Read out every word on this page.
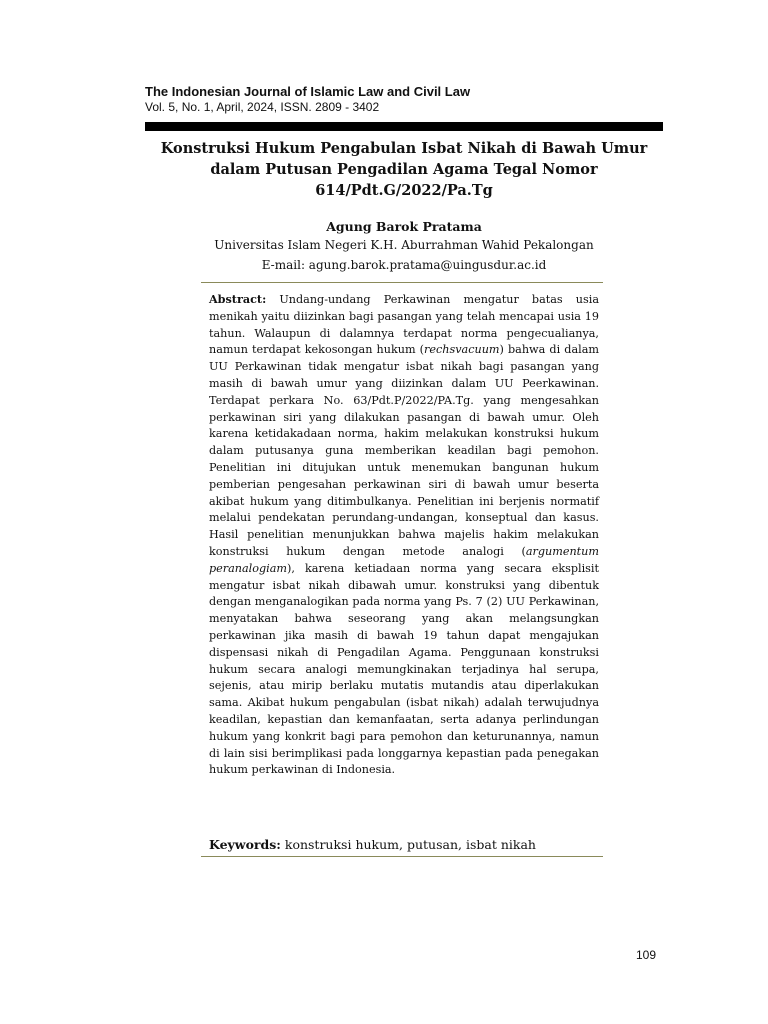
The Indonesian Journal of Islamic Law and Civil Law
Vol. 5, No. 1, April, 2024, ISSN. 2809 - 3402
Konstruksi Hukum Pengabulan Isbat Nikah di Bawah Umur dalam Putusan Pengadilan Agama Tegal Nomor 614/Pdt.G/2022/Pa.Tg
Agung Barok Pratama
Universitas Islam Negeri K.H. Aburrahman Wahid Pekalongan
E-mail: agung.barok.pratama@uingusdur.ac.id
Abstract: Undang-undang Perkawinan mengatur batas usia menikah yaitu diizinkan bagi pasangan yang telah mencapai usia 19 tahun. Walaupun di dalamnya terdapat norma pengecualianya, namun terdapat kekosongan hukum (rechsvacuum) bahwa di dalam UU Perkawinan tidak mengatur isbat nikah bagi pasangan yang masih di bawah umur yang diizinkan dalam UU Peerkawinan. Terdapat perkara No. 63/Pdt.P/2022/PA.Tg. yang mengesahkan perkawinan siri yang dilakukan pasangan di bawah umur. Oleh karena ketidakadaan norma, hakim melakukan konstruksi hukum dalam putusanya guna memberikan keadilan bagi pemohon. Penelitian ini ditujukan untuk menemukan bangunan hukum pemberian pengesahan perkawinan siri di bawah umur beserta akibat hukum yang ditimbulkanya. Penelitian ini berjenis normatif melalui pendekatan perundang-undangan, konseptual dan kasus. Hasil penelitian menunjukkan bahwa majelis hakim melakukan konstruksi hukum dengan metode analogi (argumentum peranalogiam), karena ketiadaan norma yang secara eksplisit mengatur isbat nikah dibawah umur. konstruksi yang dibentuk dengan menganalogikan pada norma yang Ps. 7 (2) UU Perkawinan, menyatakan bahwa seseorang yang akan melangsungkan perkawinan jika masih di bawah 19 tahun dapat mengajukan dispensasi nikah di Pengadilan Agama. Penggunaan konstruksi hukum secara analogi memungkinakan terjadinya hal serupa, sejenis, atau mirip berlaku mutatis mutandis atau diperlakukan sama. Akibat hukum pengabulan (isbat nikah) adalah terwujudnya keadilan, kepastian dan kemanfaatan, serta adanya perlindungan hukum yang konkrit bagi para pemohon dan keturunannya, namun di lain sisi berimplikasi pada longgarnya kepastian pada penegakan hukum perkawinan di Indonesia.
Keywords: konstruksi hukum, putusan, isbat nikah
109
